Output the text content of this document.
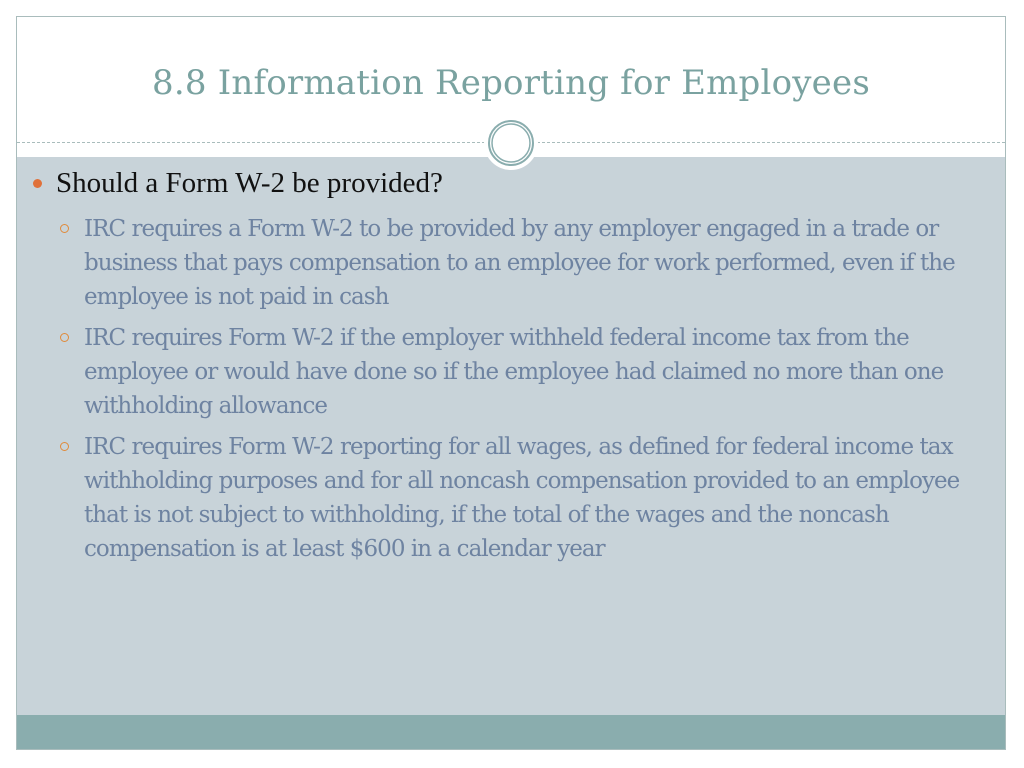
8.8 Information Reporting for Employees
Should a Form W-2 be provided?
IRC requires a Form W-2 to be provided by any employer engaged in a trade or business that pays compensation to an employee for work performed, even if the employee is not paid in cash
IRC requires Form W-2 if the employer withheld federal income tax from the employee or would have done so if the employee had claimed no more than one withholding allowance
IRC requires Form W-2 reporting for all wages, as defined for federal income tax withholding purposes and for all noncash compensation provided to an employee that is not subject to withholding, if the total of the wages and the noncash compensation is at least $600 in a calendar year
